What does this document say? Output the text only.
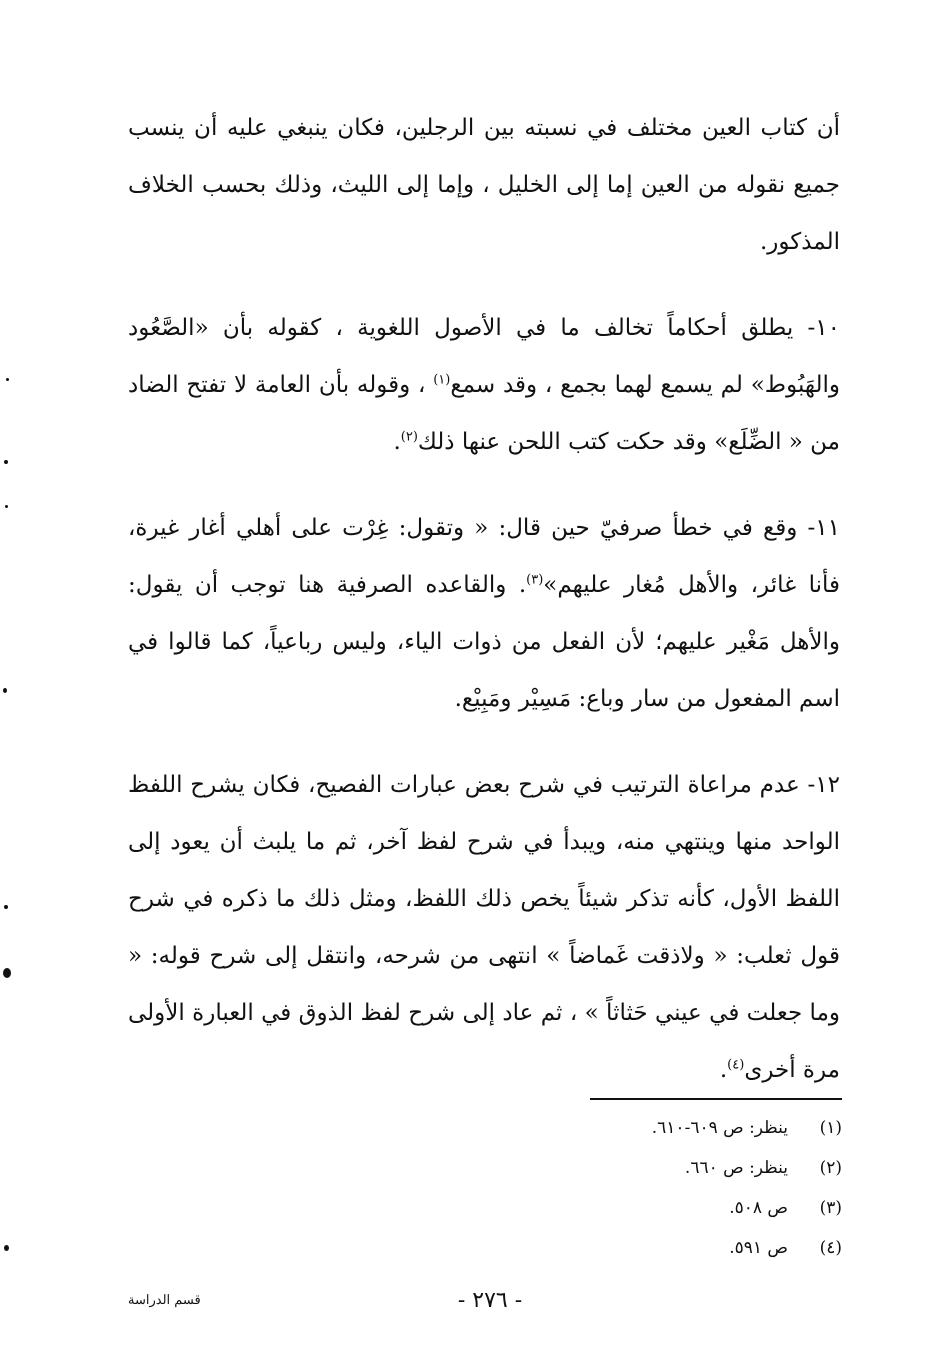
أن كتاب العين مختلف في نسبته بين الرجلين، فكان ينبغي عليه أن ينسب جميع نقوله من العين إما إلى الخليل ، وإما إلى الليث، وذلك بحسب الخلاف المذكور.

١٠- يطلق أحكاماً تخالف ما في الأصول اللغوية ، كقوله بأن «الصَّعُود والهَبُوط» لم يسمع لهما بجمع ، وقد سمع$^{(١)}$ ، وقوله بأن العامة لا تفتح الضاد من « الضِّلَع» وقد حكت كتب اللحن عنها ذلك$^{(٢)}$.

١١- وقع في خطأ صرفيّ حين قال: « وتقول: غِرْت على أهلي أغار غيرة، فأنا غائر، والأهل مُغار عليهم»$^{(٣)}$. والقاعده الصرفية هنا توجب أن يقول: والأهل مَغْير عليهم؛ لأن الفعل من ذوات الياء، وليس رباعياً، كما قالوا في اسم المفعول من سار وباع: مَسِيْر ومَبِيْع.

١٢- عدم مراعاة الترتيب في شرح بعض عبارات الفصيح، فكان يشرح اللفظ الواحد منها وينتهي منه، ويبدأ في شرح لفظ آخر، ثم ما يلبث أن يعود إلى اللفظ الأول، كأنه تذكر شيئاً يخص ذلك اللفظ، ومثل ذلك ما ذكره في شرح قول ثعلب: « ولاذقت غَماضاً » انتهى من شرحه، وانتقل إلى شرح قوله: « وما جعلت في عيني حَثاثاً » ، ثم عاد إلى شرح لفظ الذوق في العبارة الأولى مرة أخرى$^{(٤)}$.

(١)
ينظر: ص ٦٠٩-٦١٠.
(٢)
ينظر: ص ٦٦٠.
(٣)
ص ٥٠٨.
(٤)
ص ٥٩١.
- ٢٧٦ -
قسم الدراسة
